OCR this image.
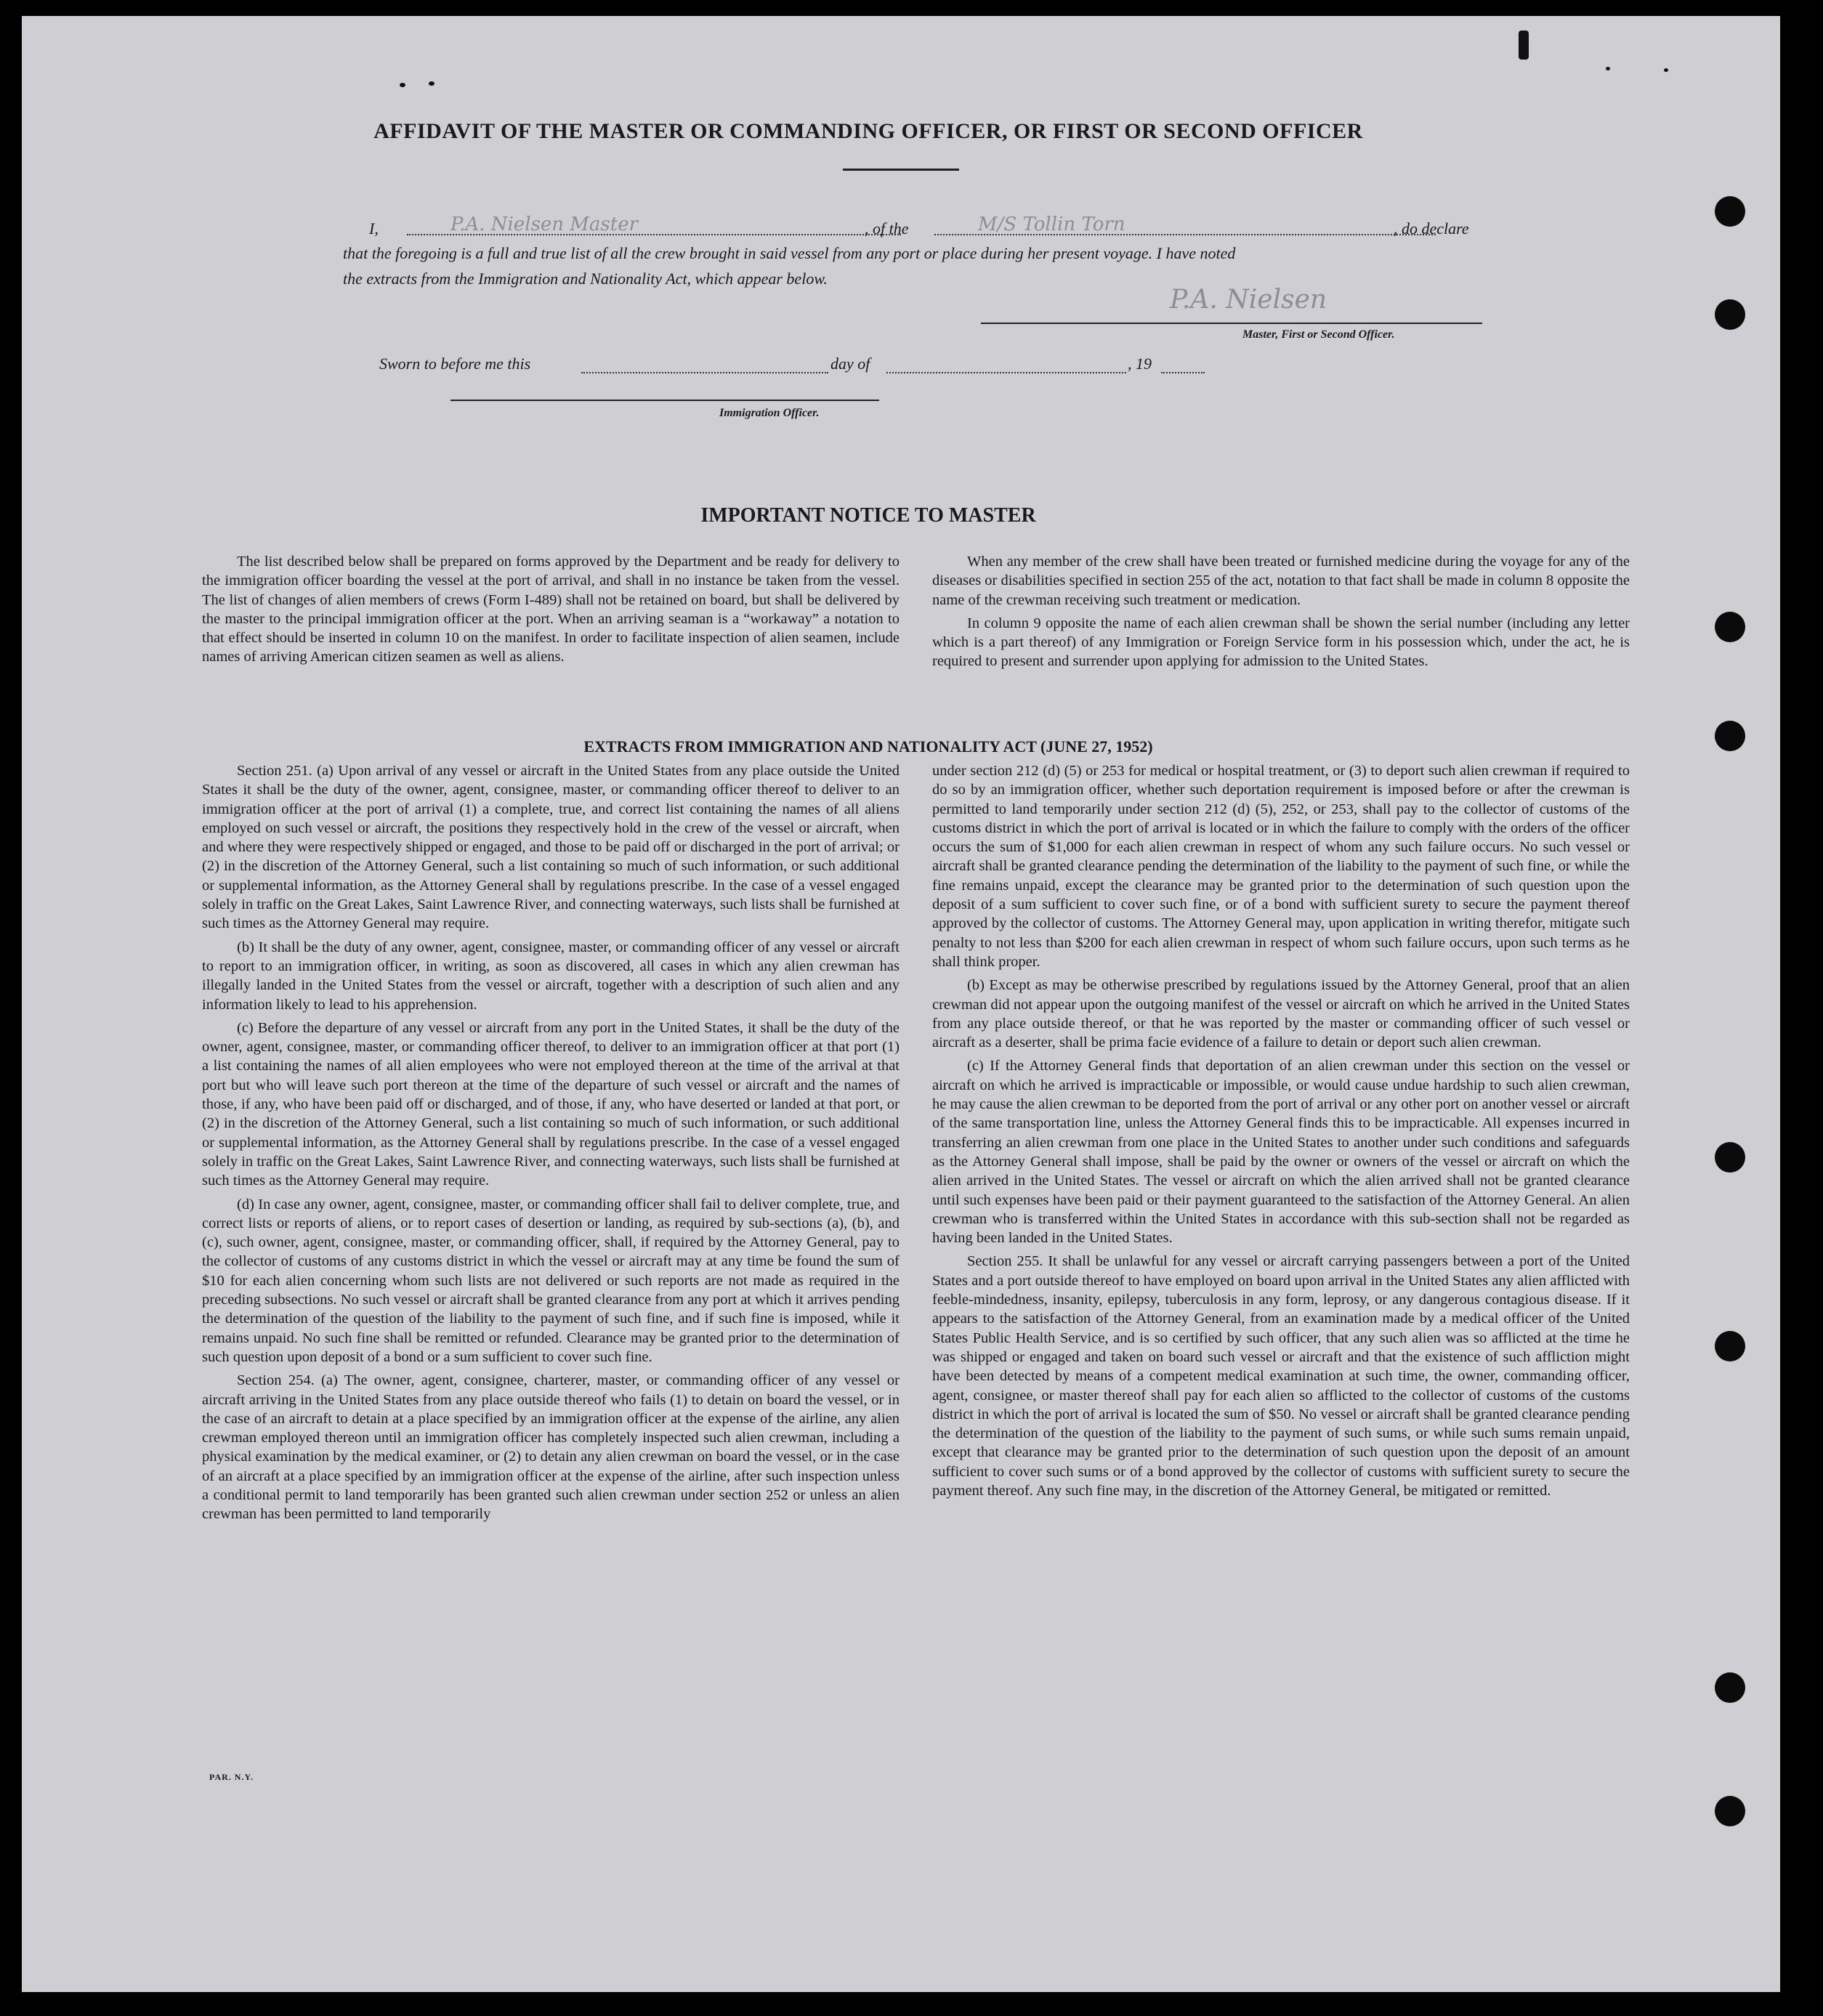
AFFIDAVIT OF THE MASTER OR COMMANDING OFFICER, OR FIRST OR SECOND OFFICER
I,	P.A. Nielsen Master	, of the	M/S Tollin Torn	, do declare
that the foregoing is a full and true list of all the crew brought in said vessel from any port or place during her present voyage. I have noted
the extracts from the Immigration and Nationality Act, which appear below.
P.A. Nielsen
Master, First or Second Officer.
Sworn to before me this	day of	, 19
Immigration Officer.
IMPORTANT NOTICE TO MASTER

The list described below shall be prepared on forms approved by the Department and be ready for delivery to the immigration officer boarding the vessel at the port of arrival, and shall in no instance be taken from the vessel. The list of changes of alien members of crews (Form I-489) shall not be retained on board, but shall be delivered by the master to the principal immigration officer at the port. When an arriving seaman is a “workaway” a notation to that effect should be inserted in column 10 on the manifest. In order to facilitate inspection of alien seamen, include names of arriving American citizen seamen as well as aliens.

When any member of the crew shall have been treated or furnished medicine during the voyage for any of the diseases or disabilities specified in section 255 of the act, notation to that fact shall be made in column 8 opposite the name of the crewman receiving such treatment or medication.

In column 9 opposite the name of each alien crewman shall be shown the serial number (including any letter which is a part thereof) of any Immigration or Foreign Service form in his possession which, under the act, he is required to present and surrender upon applying for admission to the United States.

EXTRACTS FROM IMMIGRATION AND NATIONALITY ACT (JUNE 27, 1952)

Section 251. (a) Upon arrival of any vessel or aircraft in the United States from any place outside the United States it shall be the duty of the owner, agent, consignee, master, or commanding officer thereof to deliver to an immigration officer at the port of arrival (1) a complete, true, and correct list containing the names of all aliens employed on such vessel or aircraft, the positions they respectively hold in the crew of the vessel or aircraft, when and where they were respectively shipped or engaged, and those to be paid off or discharged in the port of arrival; or (2) in the discretion of the Attorney General, such a list containing so much of such information, or such additional or supplemental information, as the Attorney General shall by regulations prescribe. In the case of a vessel engaged solely in traffic on the Great Lakes, Saint Lawrence River, and connecting waterways, such lists shall be furnished at such times as the Attorney General may require.

(b) It shall be the duty of any owner, agent, consignee, master, or commanding officer of any vessel or aircraft to report to an immigration officer, in writing, as soon as discovered, all cases in which any alien crewman has illegally landed in the United States from the vessel or aircraft, together with a description of such alien and any information likely to lead to his apprehension.

(c) Before the departure of any vessel or aircraft from any port in the United States, it shall be the duty of the owner, agent, consignee, master, or commanding officer thereof, to deliver to an immigration officer at that port (1) a list containing the names of all alien employees who were not employed thereon at the time of the arrival at that port but who will leave such port thereon at the time of the departure of such vessel or aircraft and the names of those, if any, who have been paid off or discharged, and of those, if any, who have deserted or landed at that port, or (2) in the discretion of the Attorney General, such a list containing so much of such information, or such additional or supplemental information, as the Attorney General shall by regulations prescribe. In the case of a vessel engaged solely in traffic on the Great Lakes, Saint Lawrence River, and connecting waterways, such lists shall be furnished at such times as the Attorney General may require.

(d) In case any owner, agent, consignee, master, or commanding officer shall fail to deliver complete, true, and correct lists or reports of aliens, or to report cases of desertion or landing, as required by sub-sections (a), (b), and (c), such owner, agent, consignee, master, or commanding officer, shall, if required by the Attorney General, pay to the collector of customs of any customs district in which the vessel or aircraft may at any time be found the sum of $10 for each alien concerning whom such lists are not delivered or such reports are not made as required in the preceding subsections. No such vessel or aircraft shall be granted clearance from any port at which it arrives pending the determination of the question of the liability to the payment of such fine, and if such fine is imposed, while it remains unpaid. No such fine shall be remitted or refunded. Clearance may be granted prior to the determination of such question upon deposit of a bond or a sum sufficient to cover such fine.

Section 254. (a) The owner, agent, consignee, charterer, master, or commanding officer of any vessel or aircraft arriving in the United States from any place outside thereof who fails (1) to detain on board the vessel, or in the case of an aircraft to detain at a place specified by an immigration officer at the expense of the airline, any alien crewman employed thereon until an immigration officer has completely inspected such alien crewman, including a physical examination by the medical examiner, or (2) to detain any alien crewman on board the vessel, or in the case of an aircraft at a place specified by an immigration officer at the expense of the airline, after such inspection unless a conditional permit to land temporarily has been granted such alien crewman under section 252 or unless an alien crewman has been permitted to land temporarily

under section 212 (d) (5) or 253 for medical or hospital treatment, or (3) to deport such alien crewman if required to do so by an immigration officer, whether such deportation requirement is imposed before or after the crewman is permitted to land temporarily under section 212 (d) (5), 252, or 253, shall pay to the collector of customs of the customs district in which the port of arrival is located or in which the failure to comply with the orders of the officer occurs the sum of $1,000 for each alien crewman in respect of whom any such failure occurs. No such vessel or aircraft shall be granted clearance pending the determination of the liability to the payment of such fine, or while the fine remains unpaid, except the clearance may be granted prior to the determination of such question upon the deposit of a sum sufficient to cover such fine, or of a bond with sufficient surety to secure the payment thereof approved by the collector of customs. The Attorney General may, upon application in writing therefor, mitigate such penalty to not less than $200 for each alien crewman in respect of whom such failure occurs, upon such terms as he shall think proper.

(b) Except as may be otherwise prescribed by regulations issued by the Attorney General, proof that an alien crewman did not appear upon the outgoing manifest of the vessel or aircraft on which he arrived in the United States from any place outside thereof, or that he was reported by the master or commanding officer of such vessel or aircraft as a deserter, shall be prima facie evidence of a failure to detain or deport such alien crewman.

(c) If the Attorney General finds that deportation of an alien crewman under this section on the vessel or aircraft on which he arrived is impracticable or impossible, or would cause undue hardship to such alien crewman, he may cause the alien crewman to be deported from the port of arrival or any other port on another vessel or aircraft of the same transportation line, unless the Attorney General finds this to be impracticable. All expenses incurred in transferring an alien crewman from one place in the United States to another under such conditions and safeguards as the Attorney General shall impose, shall be paid by the owner or owners of the vessel or aircraft on which the alien arrived in the United States. The vessel or aircraft on which the alien arrived shall not be granted clearance until such expenses have been paid or their payment guaranteed to the satisfaction of the Attorney General. An alien crewman who is transferred within the United States in accordance with this sub-section shall not be regarded as having been landed in the United States.

Section 255. It shall be unlawful for any vessel or aircraft carrying passengers between a port of the United States and a port outside thereof to have employed on board upon arrival in the United States any alien afflicted with feeble-mindedness, insanity, epilepsy, tuberculosis in any form, leprosy, or any dangerous contagious disease. If it appears to the satisfaction of the Attorney General, from an examination made by a medical officer of the United States Public Health Service, and is so certified by such officer, that any such alien was so afflicted at the time he was shipped or engaged and taken on board such vessel or aircraft and that the existence of such affliction might have been detected by means of a competent medical examination at such time, the owner, commanding officer, agent, consignee, or master thereof shall pay for each alien so afflicted to the collector of customs of the customs district in which the port of arrival is located the sum of $50. No vessel or aircraft shall be granted clearance pending the determination of the question of the liability to the payment of such sums, or while such sums remain unpaid, except that clearance may be granted prior to the determination of such question upon the deposit of an amount sufficient to cover such sums or of a bond approved by the collector of customs with sufficient surety to secure the payment thereof. Any such fine may, in the discretion of the Attorney General, be mitigated or remitted.

PAR. N.Y.
